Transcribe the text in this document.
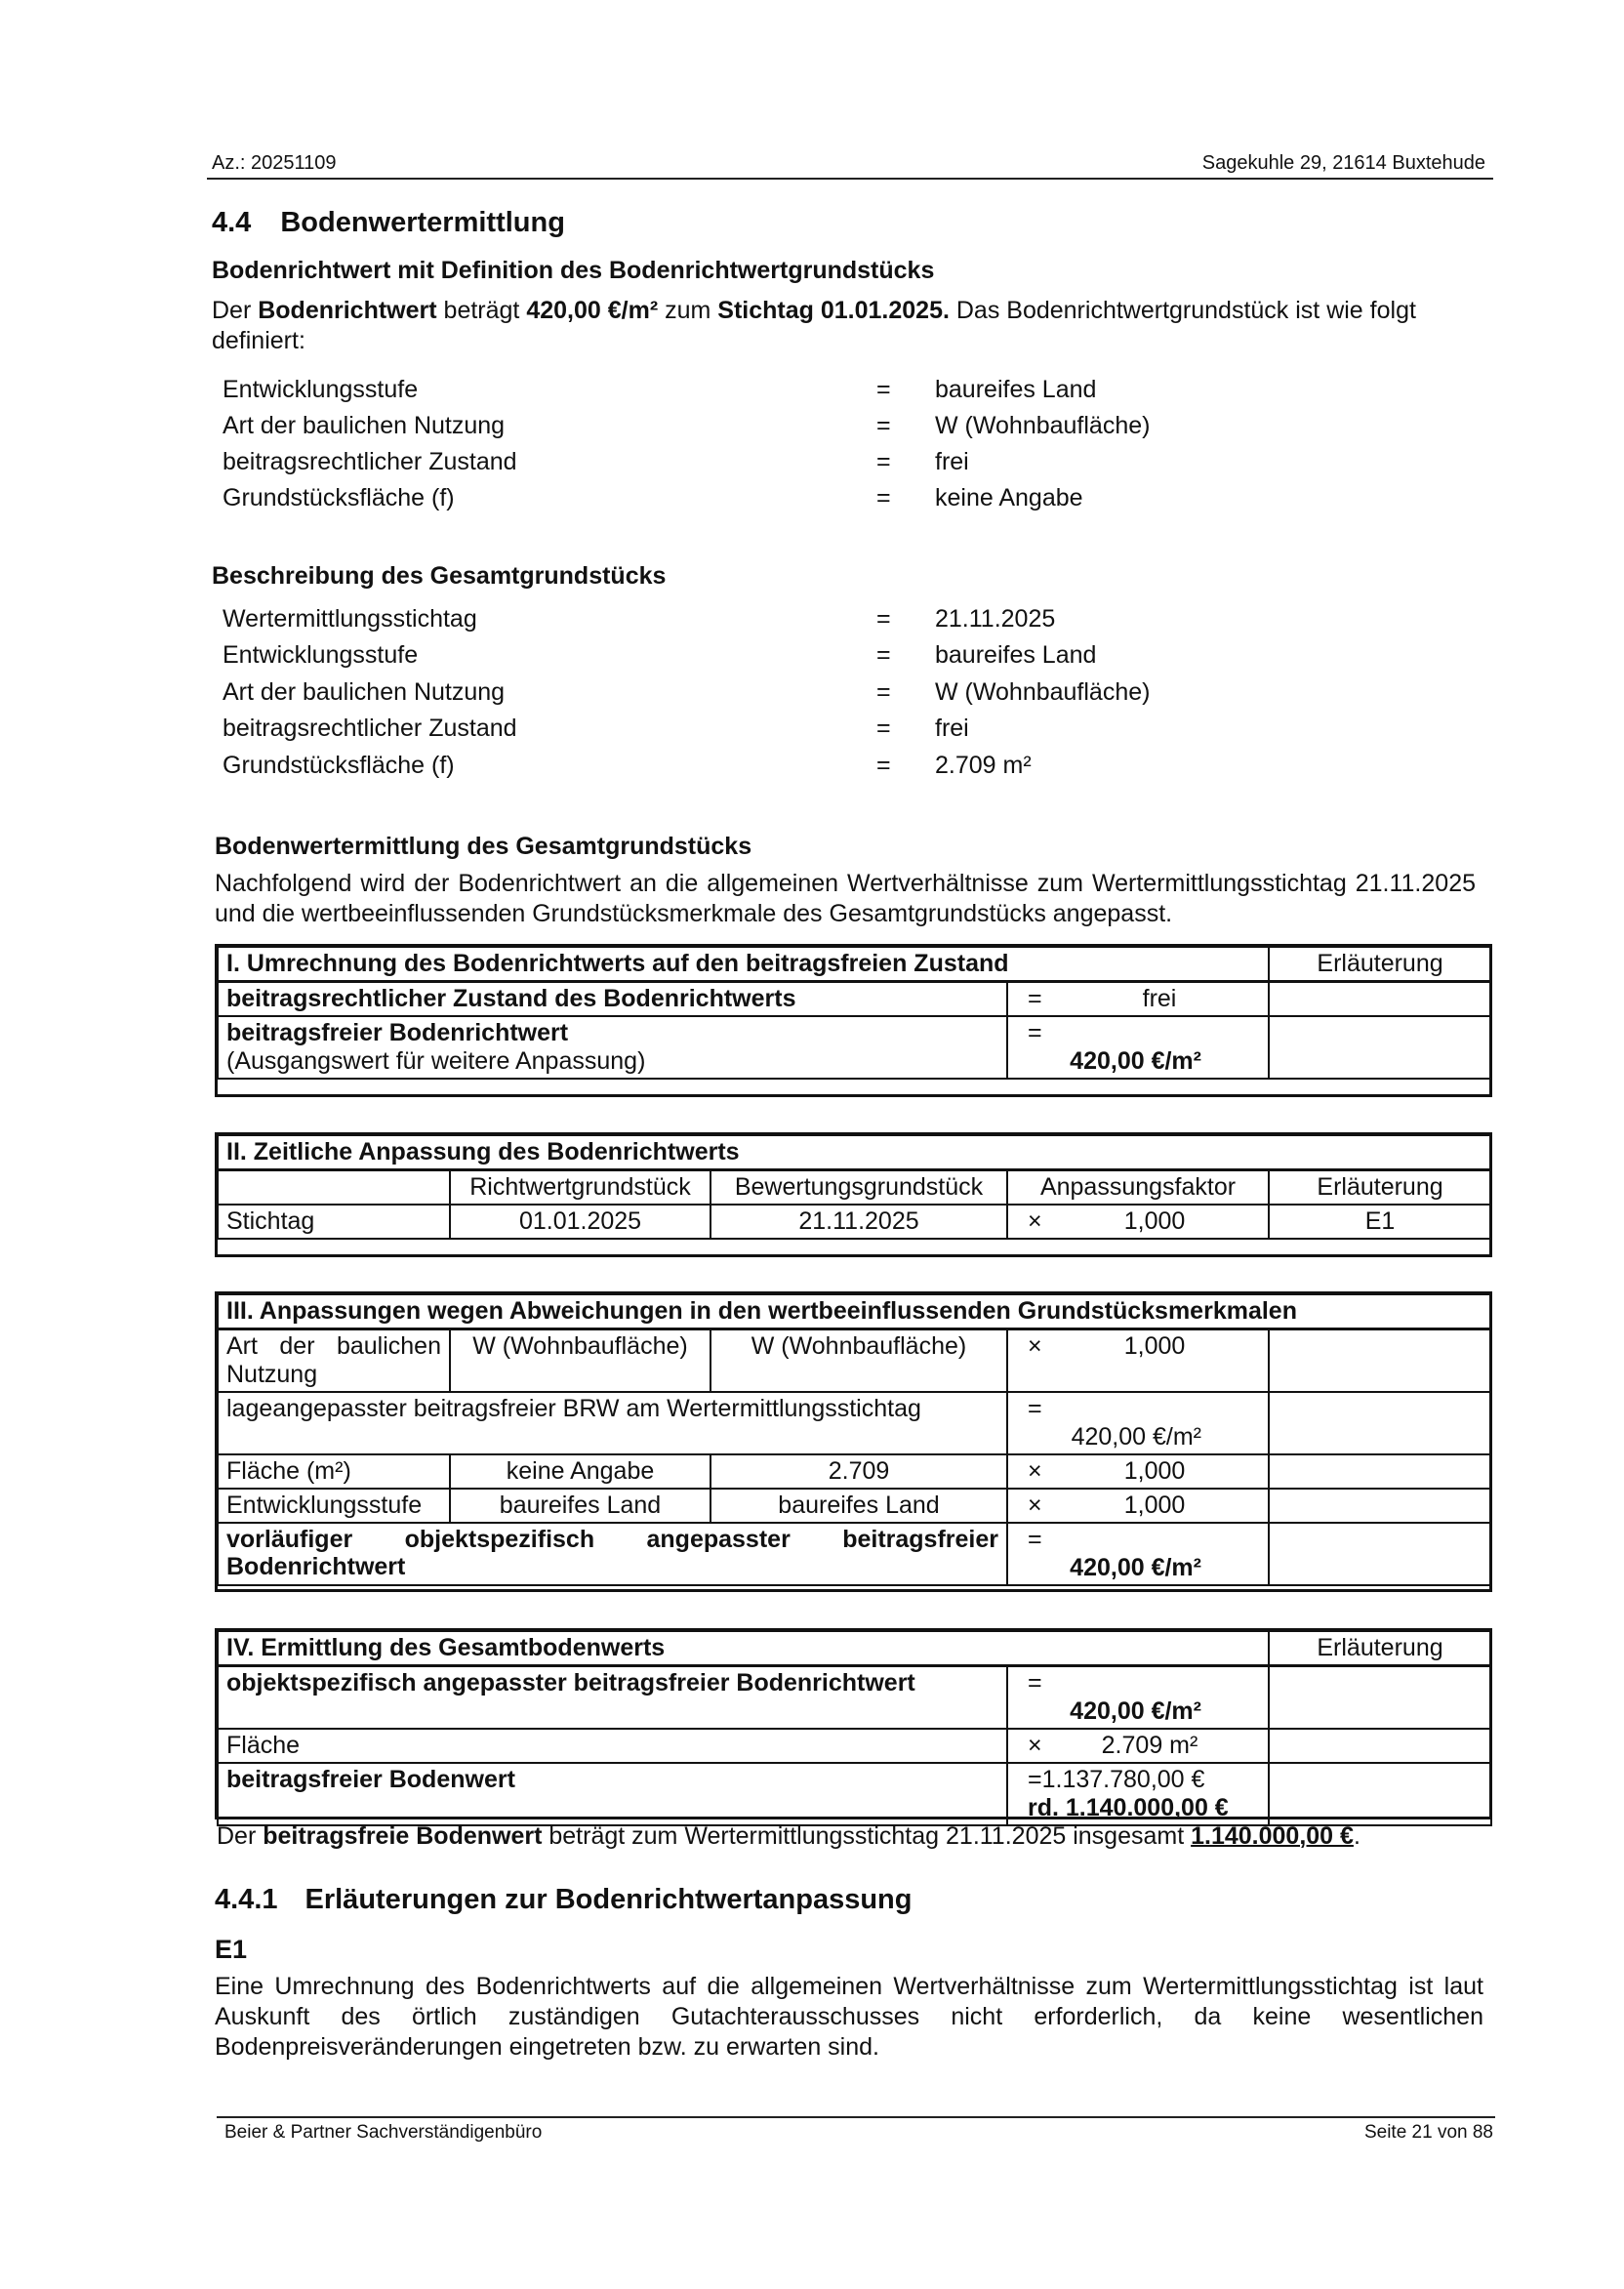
Az.: 20251109	Sagekuhle 29, 21614 Buxtehude
4.4 Bodenwertermittlung
Bodenrichtwert mit Definition des Bodenrichtwertgrundstücks
Der Bodenrichtwert beträgt 420,00 €/m² zum Stichtag 01.01.2025. Das Bodenrichtwertgrundstück ist wie folgt definiert:
Entwicklungsstufe	= baureifes Land
Art der baulichen Nutzung	= W (Wohnbaufläche)
beitragsrechtlicher Zustand	= frei
Grundstücksfläche (f)	= keine Angabe
Beschreibung des Gesamtgrundstücks
Wertermittlungsstichtag	= 21.11.2025
Entwicklungsstufe	= baureifes Land
Art der baulichen Nutzung	= W (Wohnbaufläche)
beitragsrechtlicher Zustand	= frei
Grundstücksfläche (f)	= 2.709 m²
Bodenwertermittlung des Gesamtgrundstücks
Nachfolgend wird der Bodenrichtwert an die allgemeinen Wertverhältnisse zum Wertermittlungsstichtag 21.11.2025 und die wertbeeinflussenden Grundstücksmerkmale des Gesamtgrundstücks angepasst.
I. Umrechnung des Bodenrichtwerts auf den beitragsfreien Zustand		Erläuterung
beitragsrechtlicher Zustand des Bodenrichtwerts	= frei	
beitragsfreier Bodenrichtwert
(Ausgangswert für weitere Anpassung)	=420,00 €/m²	
II. Zeitliche Anpassung des Bodenrichtwerts				
	Richtwertgrundstück	Bewertungsgrundstück	Anpassungsfaktor	Erläuterung
Stichtag	01.01.2025	21.11.2025	× 1,000	E1
III. Anpassungen wegen Abweichungen in den wertbeeinflussenden Grundstücksmerkmalen				
Art der baulichen Nutzung	W (Wohnbaufläche)	W (Wohnbaufläche)	× 1,000	
lageangepasster beitragsfreier BRW am Wertermittlungsstichtag			=420,00 €/m²	
Fläche (m²)	keine Angabe	2.709	× 1,000	
Entwicklungsstufe	baureifes Land	baureifes Land	× 1,000	
vorläufiger objektspezifisch angepasster beitragsfreier Bodenrichtwert			=420,00 €/m²	
IV. Ermittlung des Gesamtbodenwerts		Erläuterung
objektspezifisch angepasster beitragsfreier Bodenrichtwert	=420,00 €/m²	
Fläche	× 2.709 m²	
beitragsfreier Bodenwert	=1.137.780,00 €
rd. 1.140.000,00 €	
Der beitragsfreie Bodenwert beträgt zum Wertermittlungsstichtag 21.11.2025 insgesamt 1.140.000,00 €.
4.4.1 Erläuterungen zur Bodenrichtwertanpassung
E1
Eine Umrechnung des Bodenrichtwerts auf die allgemeinen Wertverhältnisse zum Wertermittlungsstichtag ist laut Auskunft des örtlich zuständigen Gutachterausschusses nicht erforderlich, da keine wesentlichen Bodenpreisveränderungen eingetreten bzw. zu erwarten sind.
Beier & Partner Sachverständigenbüro	Seite 21 von 88
